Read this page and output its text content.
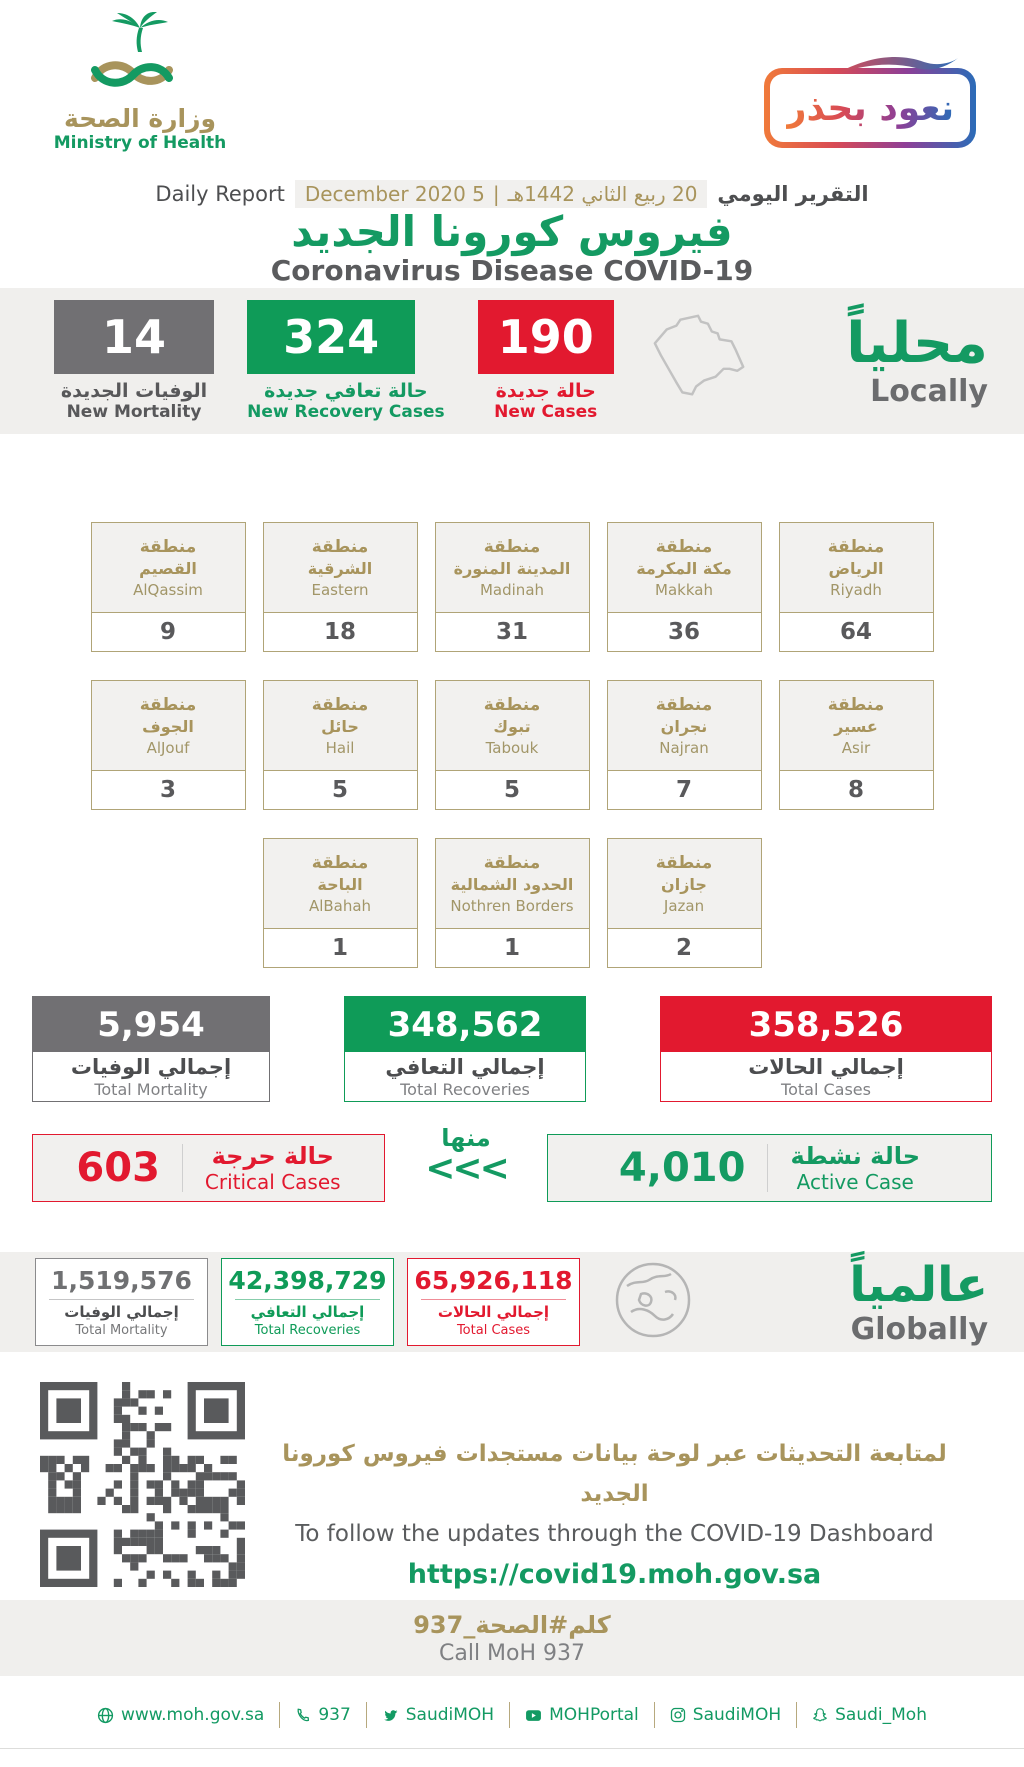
وزارة الصحة
Ministry of Health
نعود بحذر
Daily Report	20 ربيع الثاني 1442هـ
|
5 December 2020	التقرير اليومي
فيروس كورونا الجديد
Coronavirus Disease COVID-19
14
الوفيات الجديدة
New Mortality
324
حالة تعافي جديدة
New Recovery Cases
190
حالة جديدة
New Cases
محلياً
Locally
منطقة
القصيم
AlQassim
9
منطقة
الشرقية
Eastern
18
منطقة
المدينة المنورة
Madinah
31
منطقة
مكة المكرمة
Makkah
36
منطقة
الرياض
Riyadh
64
منطقة
الجوف
AlJouf
3
منطقة
حائل
Hail
5
منطقة
تبوك
Tabouk
5
منطقة
نجران
Najran
7
منطقة
عسير
Asir
8
منطقة
الباحة
AlBahah
1
منطقة
الحدود الشمالية
Nothren Borders
1
منطقة
جازان
Jazan
2
5,954
إجمالي الوفيات
Total Mortality
348,562
إجمالي التعافي
Total Recoveries
358,526
إجمالي الحالات
Total Cases
603 حالة حرجة
Critical Cases
منها
<<<	4,010 حالة نشطة
Active Case
1,519,576
إجمالي الوفيات
Total Mortality
42,398,729
إجمالي التعافي
Total Recoveries
65,926,118
إجمالي الحالات
Total Cases
عالمياً
Globally
لمتابعة التحديثات عبر لوحة بيانات مستجدات فيروس كورونا الجديد
To follow the updates through the COVID-19 Dashboard
https://covid19.moh.gov.sa
كلم#الصحة_937
Call MoH 937
www.moh.gov.sa	937	SaudiMOH	MOHPortal	SaudiMOH	Saudi_Moh
